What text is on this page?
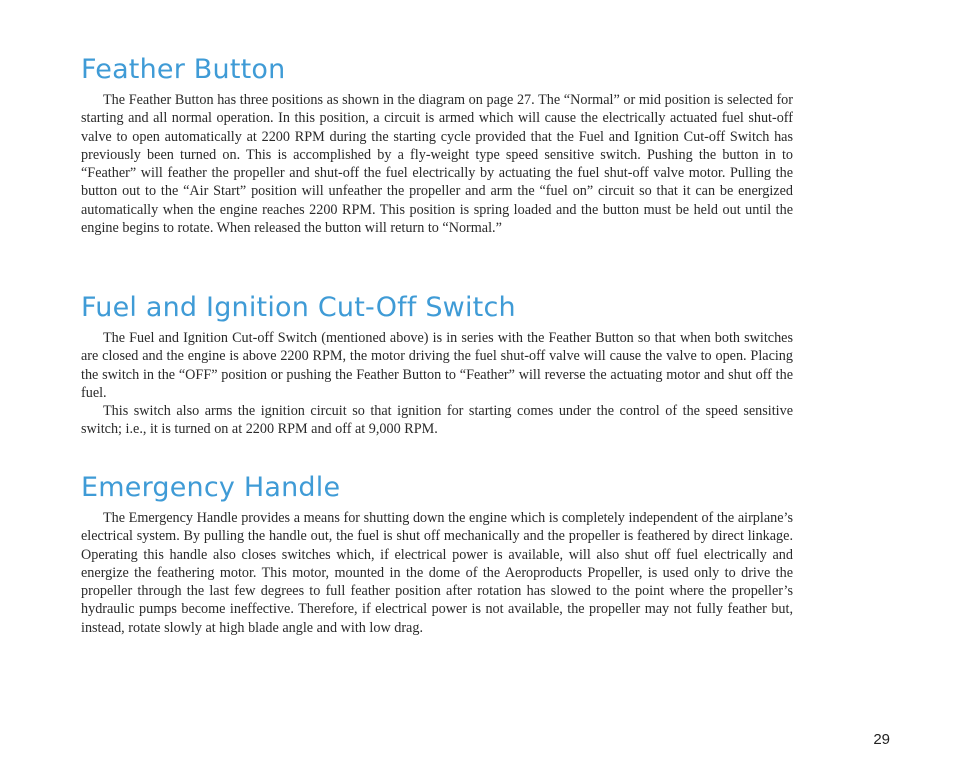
Feather Button

The Feather Button has three positions as shown in the diagram on page 27. The “Normal” or mid position is selected for starting and all normal operation. In this position, a circuit is armed which will cause the electrically actuated fuel shut-off valve to open automatically at 2200 RPM during the starting cycle provided that the Fuel and Ignition Cut-off Switch has previously been turned on. This is accomplished by a fly-weight type speed sensitive switch. Pushing the button in to “Feather” will feather the propeller and shut-off the fuel electrically by actuating the fuel shut-off valve motor. Pulling the button out to the “Air Start” position will unfeather the propeller and arm the “fuel on” circuit so that it can be energized automatically when the engine reaches 2200 RPM. This position is spring loaded and the button must be held out until the engine begins to rotate. When released the button will return to “Normal.”

Fuel and Ignition Cut-Off Switch

The Fuel and Ignition Cut-off Switch (mentioned above) is in series with the Feather Button so that when both switches are closed and the engine is above 2200 RPM, the motor driving the fuel shut-off valve will cause the valve to open. Placing the switch in the “OFF” position or pushing the Feather Button to “Feather” will reverse the actuating motor and shut off the fuel.

This switch also arms the ignition circuit so that ignition for starting comes under the control of the speed sensitive switch; i.e., it is turned on at 2200 RPM and off at 9,000 RPM.

Emergency Handle

The Emergency Handle provides a means for shutting down the engine which is completely independent of the airplane’s electrical system. By pulling the handle out, the fuel is shut off mechanically and the propeller is feathered by direct linkage. Operating this handle also closes switches which, if electrical power is available, will also shut off fuel electrically and energize the feathering motor. This motor, mounted in the dome of the Aeroproducts Propeller, is used only to drive the propeller through the last few degrees to full feather position after rotation has slowed to the point where the propeller’s hydraulic pumps become ineffective. Therefore, if electrical power is not available, the propeller may not fully feather but, instead, rotate slowly at high blade angle and with low drag.

29
